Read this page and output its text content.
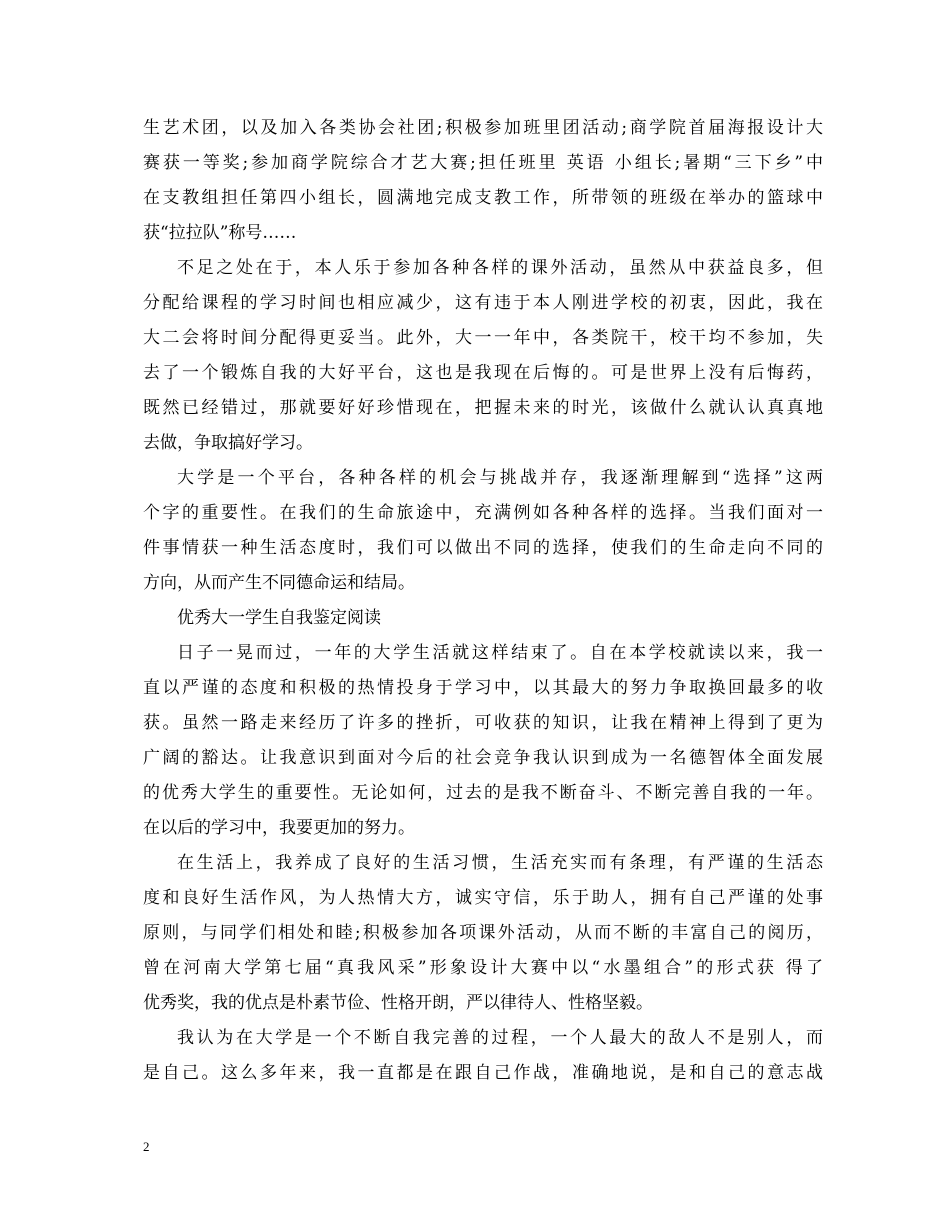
生艺术团，以及加入各类协会社团;积极参加班里团活动;商学院首届海报设计大
赛获一等奖;参加商学院综合才艺大赛;担任班里 英语 小组长;暑期“三下乡”中
在支教组担任第四小组长，圆满地完成支教工作，所带领的班级在举办的篮球中
获“拉拉队”称号……
不足之处在于，本人乐于参加各种各样的课外活动，虽然从中获益良多，但
分配给课程的学习时间也相应减少，这有违于本人刚进学校的初衷，因此，我在
大二会将时间分配得更妥当。此外，大一一年中，各类院干，校干均不参加，失
去了一个锻炼自我的大好平台，这也是我现在后悔的。可是世界上没有后悔药，
既然已经错过，那就要好好珍惜现在，把握未来的时光，该做什么就认认真真地
去做，争取搞好学习。
大学是一个平台，各种各样的机会与挑战并存，我逐渐理解到“选择”这两
个字的重要性。在我们的生命旅途中，充满例如各种各样的选择。当我们面对一
件事情获一种生活态度时，我们可以做出不同的选择，使我们的生命走向不同的
方向，从而产生不同德命运和结局。
优秀大一学生自我鉴定阅读
日子一晃而过，一年的大学生活就这样结束了。自在本学校就读以来，我一
直以严谨的态度和积极的热情投身于学习中，以其最大的努力争取换回最多的收
获。虽然一路走来经历了许多的挫折，可收获的知识，让我在精神上得到了更为
广阔的豁达。让我意识到面对今后的社会竞争我认识到成为一名德智体全面发展
的优秀大学生的重要性。无论如何，过去的是我不断奋斗、不断完善自我的一年。
在以后的学习中，我要更加的努力。
在生活上，我养成了良好的生活习惯，生活充实而有条理，有严谨的生活态
度和良好生活作风，为人热情大方，诚实守信，乐于助人，拥有自己严谨的处事
原则，与同学们相处和睦;积极参加各项课外活动，从而不断的丰富自己的阅历，
曾在河南大学第七届“真我风采”形象设计大赛中以“水墨组合”的形式获 得了
优秀奖，我的优点是朴素节俭、性格开朗，严以律待人、性格坚毅。
我认为在大学是一个不断自我完善的过程，一个人最大的敌人不是别人，而
是自己。这么多年来，我一直都是在跟自己作战，准确地说，是和自己的意志战
2
